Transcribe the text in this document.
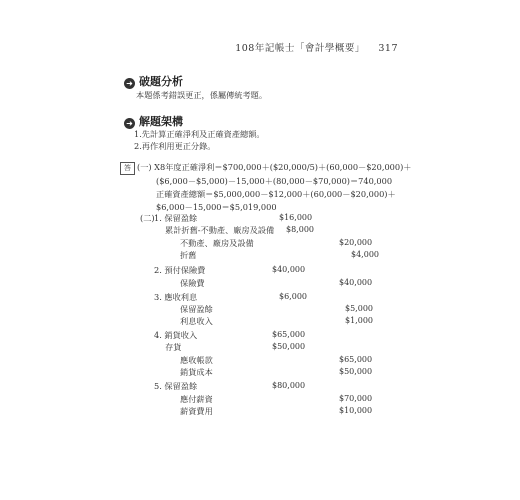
108年記帳士「會計學概要」 317
➜ 破題分析
本題係考錯誤更正，係屬傳統考題。
➜ 解題架構
1.先計算正確淨利及正確資產總額。
2.再作利用更正分錄。
答 (一) X8年度正確淨利＝$700,000＋($20,000/5)＋(60,000－$20,000)＋
($6,000－$5,000)－15,000＋(80,000－$70,000)＝740,000
正確資產總額＝$5,000,000－$12,000＋(60,000－$20,000)＋
$6,000－15,000＝$5,019,000
(二) 1. 保留盈餘	$16,000
累計折舊-不動產、廠房及設備 $8,000
不動產、廠房及設備	$20,000
折舊	$4,000
2. 預付保險費	$40,000
保險費	$40,000
3. 應收利息	$6,000
保留盈餘	$5,000
利息收入	$1,000
4. 銷貨收入	$65,000
存貨	$50,000
應收帳款	$65,000
銷貨成本	$50,000
5. 保留盈餘	$80,000
應付薪資	$70,000
薪資費用	$10,000
